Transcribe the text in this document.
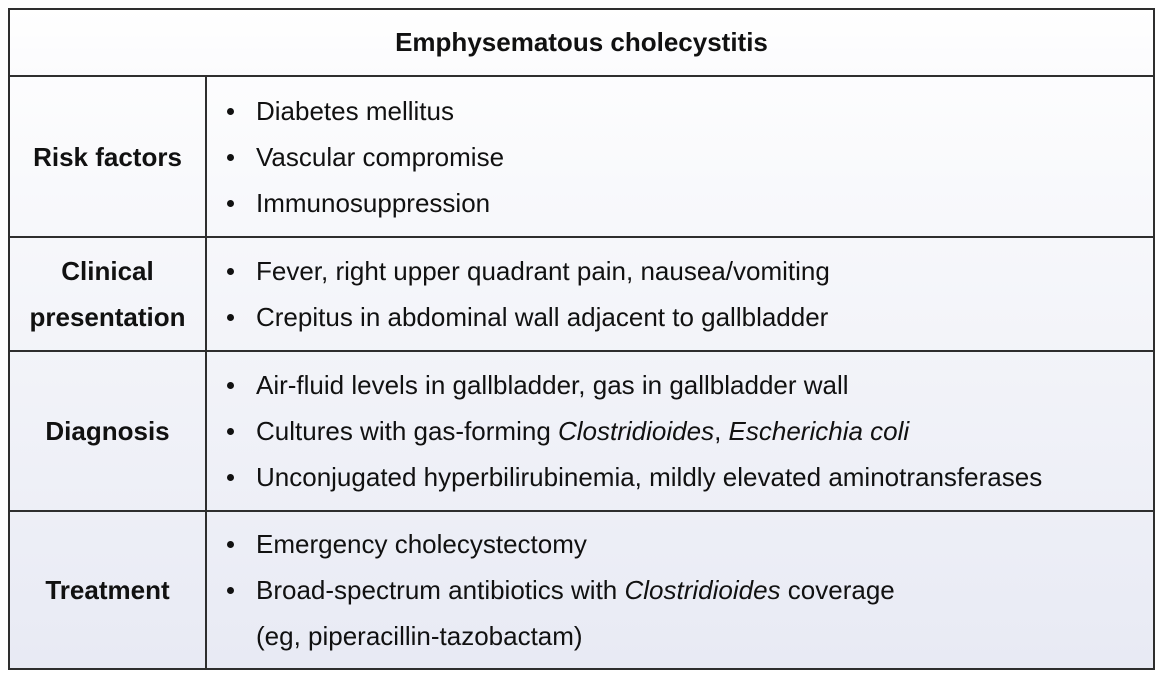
Emphysematous cholecystitis
Risk factors
Diabetes mellitus
Vascular compromise
Immunosuppression
Clinical
presentation
Fever, right upper quadrant pain, nausea/vomiting
Crepitus in abdominal wall adjacent to gallbladder
Diagnosis
Air-fluid levels in gallbladder, gas in gallbladder wall
Cultures with gas-forming Clostridioides, Escherichia coli
Unconjugated hyperbilirubinemia, mildly elevated aminotransferases
Treatment
Emergency cholecystectomy
Broad-spectrum antibiotics with Clostridioides coverage
(eg, piperacillin-tazobactam)
